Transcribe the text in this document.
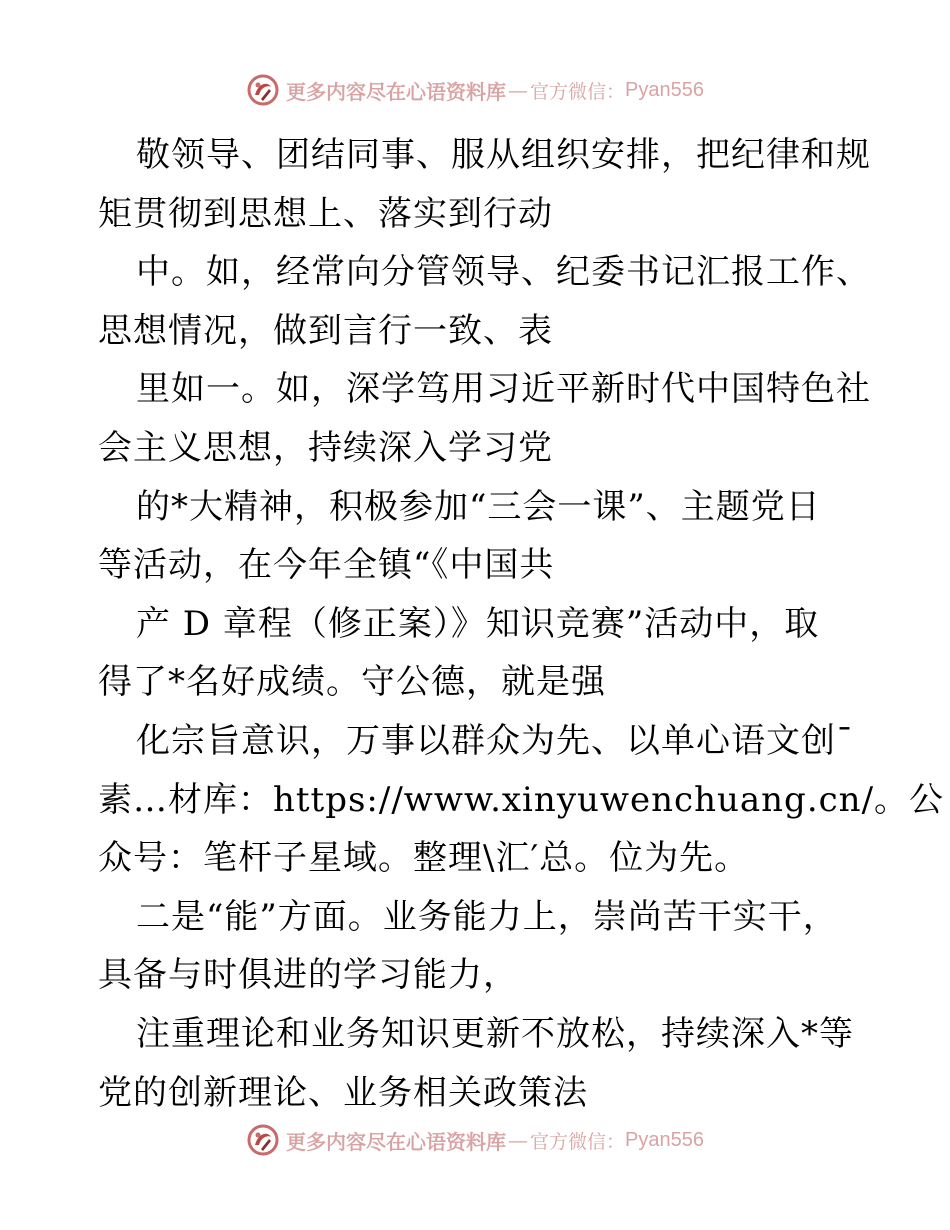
更多内容尽在心语资料库 — 官方微信： Pyan556
敬领导、团结同事、服从组织安排，把纪律和规
矩贯彻到思想上、落实到行动
中。如，经常向分管领导、纪委书记汇报工作、
思想情况，做到言行一致、表
里如一。如，深学笃用习近平新时代中国特色社
会主义思想，持续深入学习党
的*大精神，积极参加“三会一课”、主题党日
等活动，在今年全镇“《中国共
产 D 章程（修正案）》知识竞赛”活动中，取
得了*名好成绩。守公德，就是强
化宗旨意识，万事以群众为先、以单心语文创¯
素…材库：https://www.xinyuwenchuang.cn/。公
众号：笔杆子星域。整理\汇′总。位为先。
二是“能”方面。业务能力上，崇尚苦干实干，
具备与时俱进的学习能力，
注重理论和业务知识更新不放松，持续深入*等
党的创新理论、业务相关政策法
更多内容尽在心语资料库 — 官方微信： Pyan556
